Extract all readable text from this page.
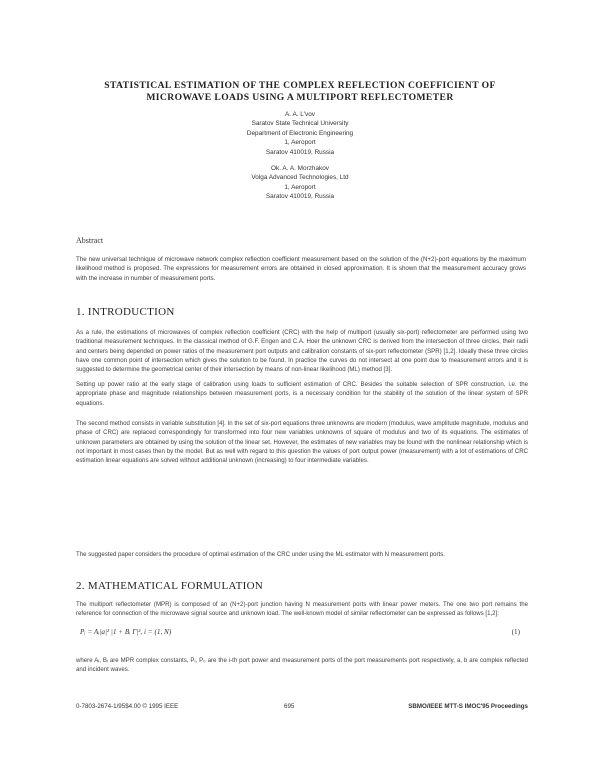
STATISTICAL ESTIMATION OF THE COMPLEX REFLECTION COEFFICIENT OF
MICROWAVE LOADS USING A MULTIPORT REFLECTOMETER
A. A. L'vov
Saratov State Technical University
Department of Electronic Engineering
1, Aeroport
Saratov 410019, Russia
Ok. A. A. Morzhakov
Volga Advanced Technologies, Ltd
1, Aeroport
Saratov 410019, Russia
Abstract
The new universal technique of microwave network complex reflection coefficient measurement based on the solution of the (N+2)-port equations by the maximum likelihood method is proposed. The expressions for measurement errors are obtained in closed approximation. It is shown that the measurement accuracy grows with the increase in number of measurement ports.
1. INTRODUCTION
As a rule, the estimations of microwaves of complex reflection coefficient (CRC) with the help of multiport (usually six-port) reflectometer are performed using two traditional measurement techniques. In the classical method of G.F. Engen and C.A. Hoer the unknown CRC is derived from the intersection of three circles, their radii and centers being depended on power ratios of the measurement port outputs and calibration constants of six-port reflectometer (SPR) [1,2]. Ideally these three circles have one common point of intersection which gives the solution to be found. In practice the curves do not intersect at one point due to measurement errors and it is suggested to determine the geometrical center of their intersection by means of non-linear likelihood (ML) method [3].
Setting up power ratio at the early stage of calibration using loads to sufficient estimation of CRC. Besides the suitable selection of SPR construction, i.e. the appropriate phase and magnitude relationships between measurement ports, is a necessary condition for the stability of the solution of the linear system of SPR equations.
The second method consists in variable substitution [4]. In the set of six-port equations three unknowns are modern (modulus, wave amplitude magnitude, modulus and phase of CRC) are replaced correspondingly for transformed into four new variables unknowns of square of modulus and two of its equations. The estimates of unknown parameters are obtained by using the solution of the linear set. However, the estimates of new variables may be found with the nonlinear relationship which is not important in most cases then by the model. But as well with regard to this question the values of port output power (measurement) with a lot of estimations of CRC estimation linear equations are solved without additional unknown (increasing) to four intermediate variables.
The suggested paper considers the procedure of optimal estimation of the CRC under using the ML estimator with N measurement ports.
2. MATHEMATICAL FORMULATION
The multiport reflectometer (MPR) is composed of an (N+2)-port junction having N measurement ports with linear power meters. The one two port remains the reference for connection of the microwave signal source and unknown load. The well-known model of similar reflectometer can be expressed as follows [1,2]:
Pᵢ = Aᵢ|a|² |1 + Bᵢ Γ|², i = (1, N)	(1)
where Aᵢ, Bᵢ are MPR complex constants, Pᵢ, P₀ are the i-th port power and measurement ports of the port measurements port respectively, a, b are complex reflected and incident waves.
0-7803-2674-1/95$4.00 © 1995 IEEE	695	SBMO/IEEE MTT-S IMOC'95 Proceedings
